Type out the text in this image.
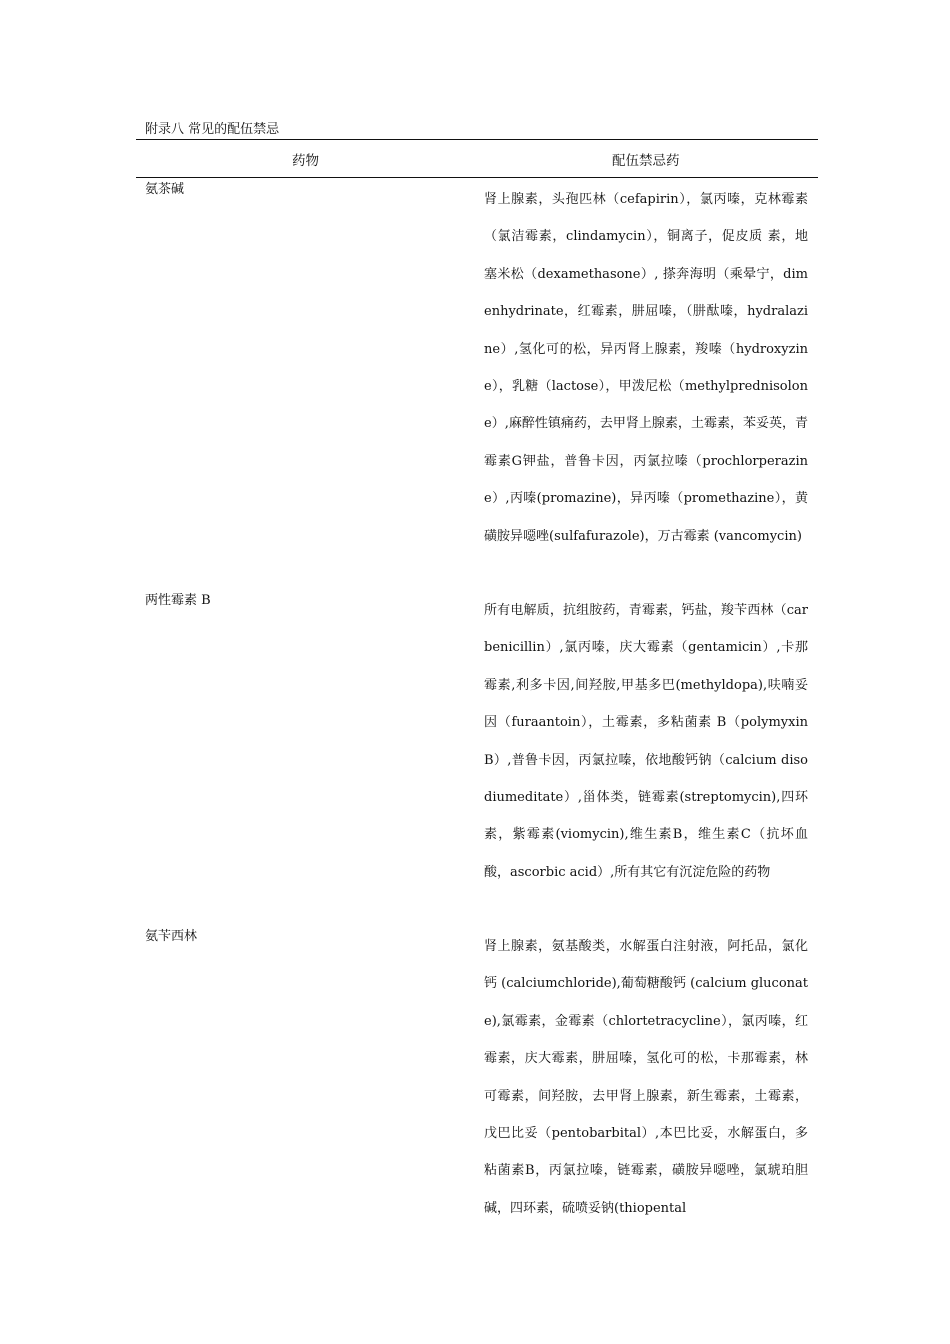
附录八 常见的配伍禁忌
药物	配伍禁忌药
氨茶碱
肾上腺素，头孢匹林（cefapirin），氯丙嗪，克林霉素（氯洁霉素，clindamycin），铜离子，促皮质 素，地塞米松（dexamethasone）, 搽奔海明（乘晕宁，dimenhydrinate，红霉素，肼屈嗪，（肼酞嗪，hydralazine）,氢化可的松，异丙肾上腺素，羧嗪（hydroxyzine），乳糖（lactose），甲泼尼松（methylprednisolone）,麻醉性镇痛药，去甲肾上腺素，土霉素，苯妥英，青霉素G钾盐，普鲁卡因，丙氯拉嗪（prochlorperazine）,丙嗪(promazine)，异丙嗪（promethazine），黄磺胺异噁唑(sulfafurazole)，万古霉素 (vancomycin)
两性霉素 B
所有电解质，抗组胺药，青霉素，钙盐，羧苄西林（carbenicillin）,氯丙嗪，庆大霉素（gentamicin）,卡那霉素,利多卡因,间羟胺,甲基多巴(methyldopa),呋喃妥因（furaantoin），土霉素，多粘菌素 B（polymyxin B）,普鲁卡因，丙氯拉嗪，依地酸钙钠（calcium disodiumeditate）,甾体类，链霉素(streptomycin),四环素，紫霉素(viomycin),维生素B，维生素C（抗坏血酸，ascorbic acid）,所有其它有沉淀危险的药物
氨苄西林
肾上腺素，氨基酸类，水解蛋白注射液，阿托品，氯化钙 (calciumchloride),葡萄糖酸钙 (calcium gluconate),氯霉素，金霉素（chlortetracycline），氯丙嗪，红霉素，庆大霉素，肼屈嗪，氢化可的松，卡那霉素，林可霉素，间羟胺，去甲肾上腺素，新生霉素，土霉素，戊巴比妥（pentobarbital）,本巴比妥，水解蛋白，多粘菌素B，丙氯拉嗪，链霉素，磺胺异噁唑，氯琥珀胆碱，四环素，硫喷妥钠(thiopental
